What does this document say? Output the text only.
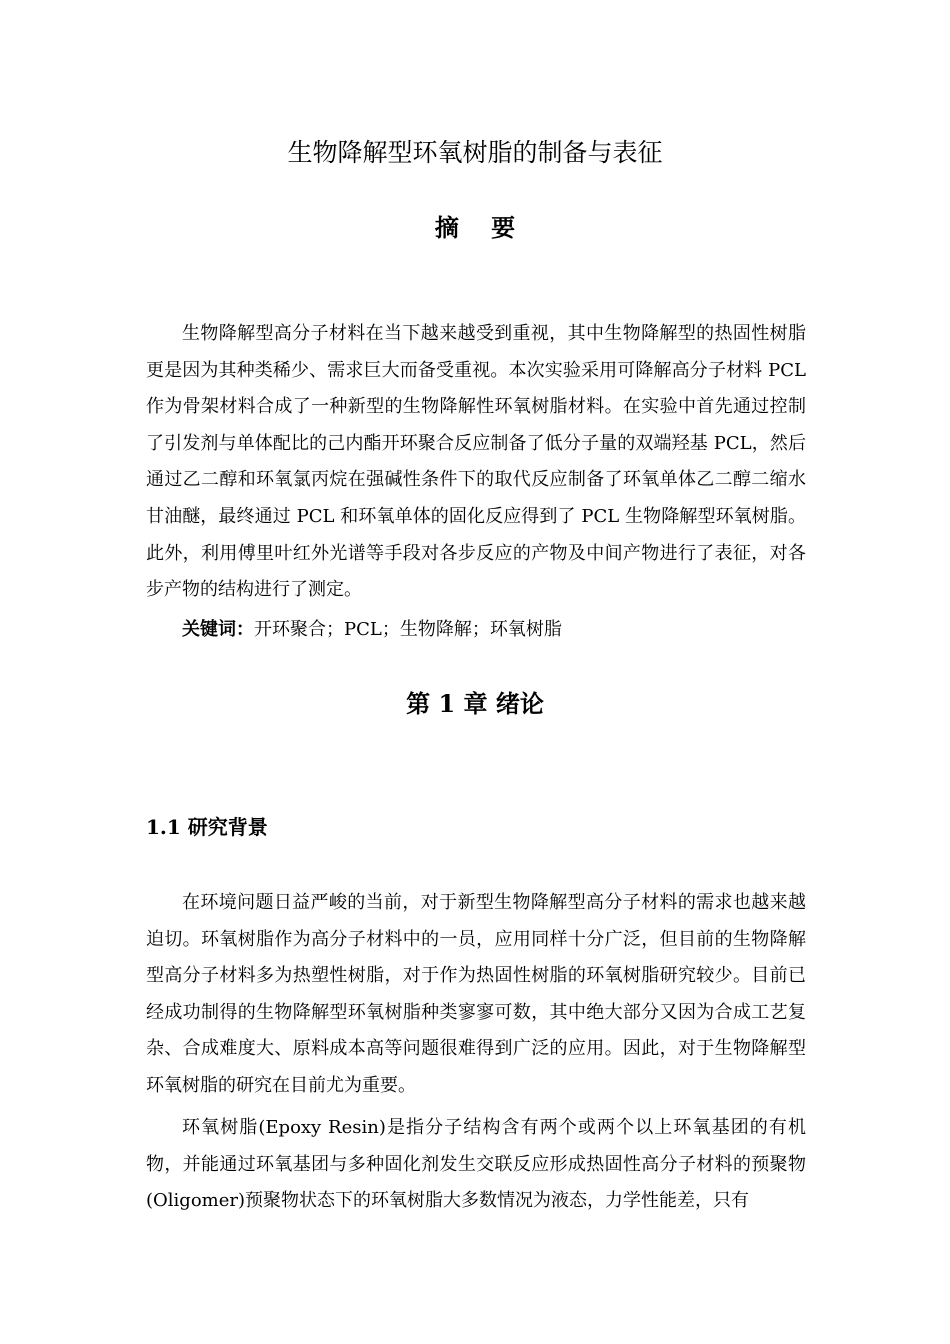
生物降解型环氧树脂的制备与表征
摘 要

生物降解型高分子材料在当下越来越受到重视，其中生物降解型的热固性树脂更是因为其种类稀少、需求巨大而备受重视。本次实验采用可降解高分子材料 PCL 作为骨架材料合成了一种新型的生物降解性环氧树脂材料。在实验中首先通过控制了引发剂与单体配比的己内酯开环聚合反应制备了低分子量的双端羟基 PCL，然后通过乙二醇和环氧氯丙烷在强碱性条件下的取代反应制备了环氧单体乙二醇二缩水甘油醚，最终通过 PCL 和环氧单体的固化反应得到了 PCL 生物降解型环氧树脂。此外，利用傅里叶红外光谱等手段对各步反应的产物及中间产物进行了表征，对各步产物的结构进行了测定。

关键词：开环聚合；PCL；生物降解；环氧树脂
第 1 章 绪论
1.1 研究背景

在环境问题日益严峻的当前，对于新型生物降解型高分子材料的需求也越来越迫切。环氧树脂作为高分子材料中的一员，应用同样十分广泛，但目前的生物降解型高分子材料多为热塑性树脂，对于作为热固性树脂的环氧树脂研究较少。目前已经成功制得的生物降解型环氧树脂种类寥寥可数，其中绝大部分又因为合成工艺复杂、合成难度大、原料成本高等问题很难得到广泛的应用。因此，对于生物降解型环氧树脂的研究在目前尤为重要。

环氧树脂(Epoxy Resin)是指分子结构含有两个或两个以上环氧基团的有机物，并能通过环氧基团与多种固化剂发生交联反应形成热固性高分子材料的预聚物(Oligomer)预聚物状态下的环氧树脂大多数情况为液态，力学性能差，只有
